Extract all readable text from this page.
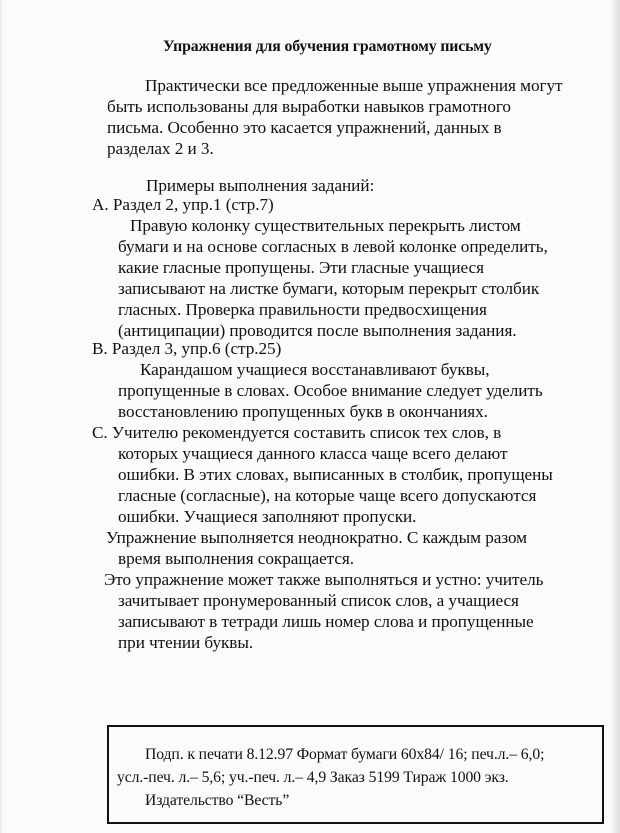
Упражнения для обучения грамотному письму
Практически все предложенные выше упражнения могут
быть использованы для выработки навыков грамотного
письма. Особенно это касается упражнений, данных в
разделах 2 и 3.
Примеры выполнения заданий:
А. Раздел 2, упр.1 (стр.7)
Правую колонку существительных перекрыть листом
бумаги и на основе согласных в левой колонке определить,
какие гласные пропущены. Эти гласные учащиеся
записывают на листке бумаги, которым перекрыт столбик
гласных. Проверка правильности предвосхищения
(антиципации) проводится после выполнения задания.
В. Раздел 3, упр.6 (стр.25)
Карандашом учащиеся восстанавливают буквы,
пропущенные в словах. Особое внимание следует уделить
восстановлению пропущенных букв в окончаниях.
С. Учителю рекомендуется составить список тех слов, в
которых учащиеся данного класса чаще всего делают
ошибки. В этих словах, выписанных в столбик, пропущены
гласные (согласные), на которые чаще всего допускаются
ошибки. Учащиеся заполняют пропуски.
Упражнение выполняется неоднократно. С каждым разом
время выполнения сокращается.
Это упражнение может также выполняться и устно: учитель
зачитывает пронумерованный список слов, а учащиеся
записывают в тетради лишь номер слова и пропущенные
при чтении буквы.
Подп. к печати 8.12.97 Формат бумаги 60x84/ 16; печ.л.– 6,0;
усл.-печ. л.– 5,6; уч.-печ. л.– 4,9 Заказ 5199 Тираж 1000 экз.
Издательство “Весть”
